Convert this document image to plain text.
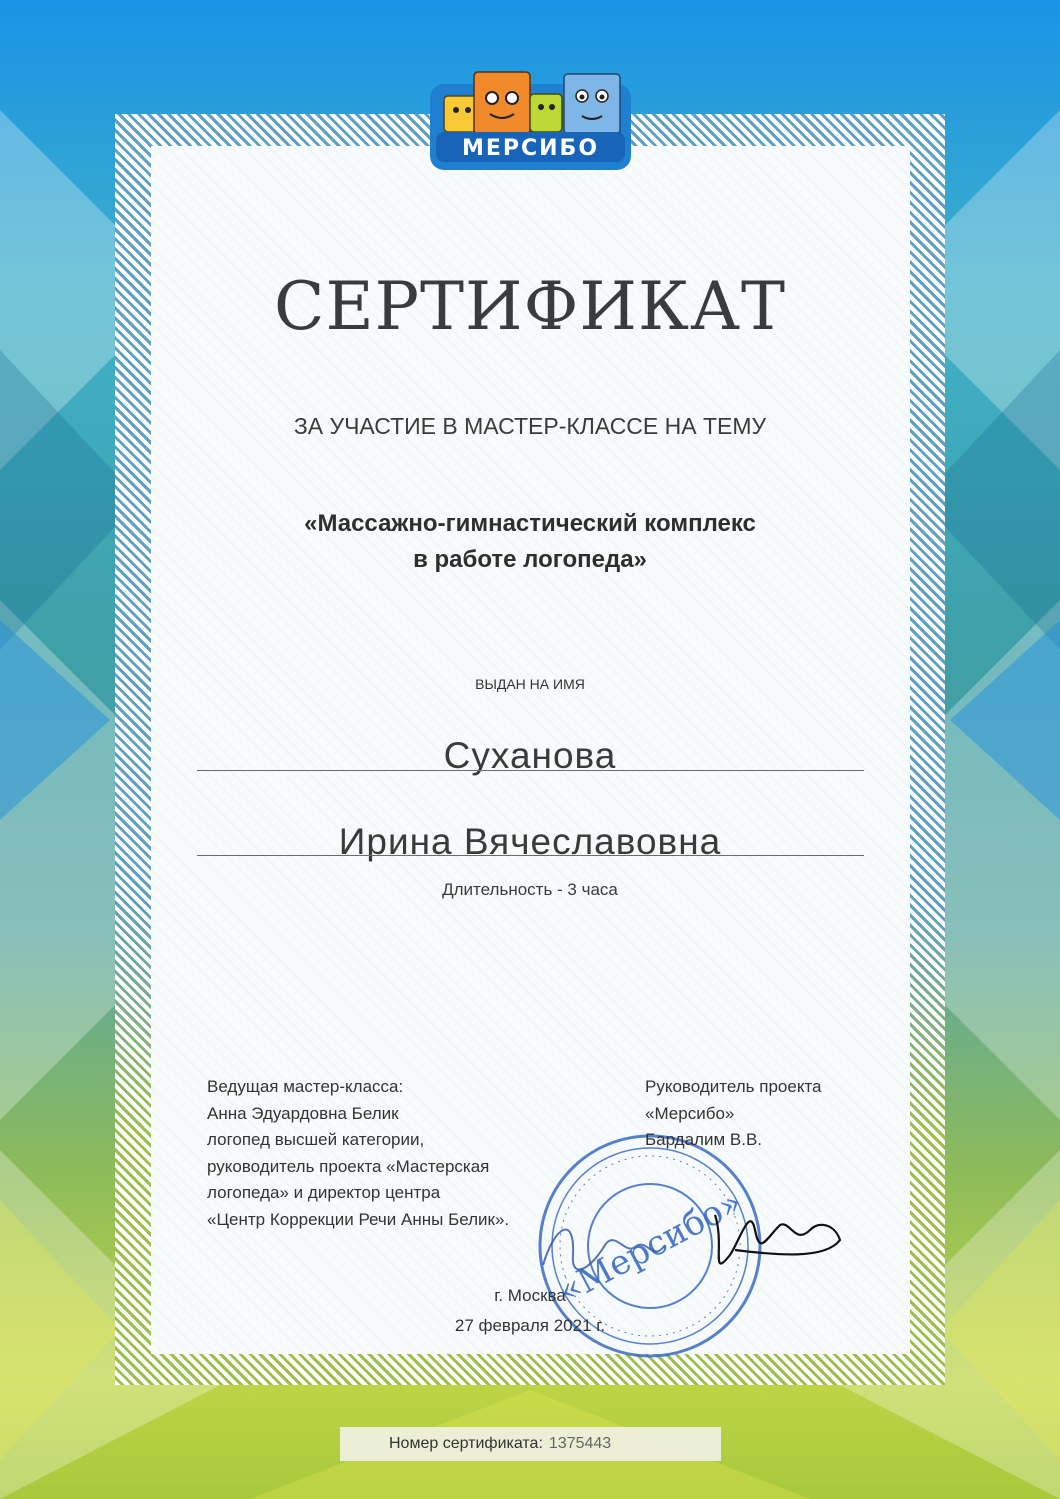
МЕРСИБО
СЕРТИФИКАТ
ЗА УЧАСТИЕ В МАСТЕР-КЛАССЕ НА ТЕМУ
«Массажно-гимнастический комплекс
в работе логопеда»
ВЫДАН НА ИМЯ
Суханова
Ирина Вячеславовна
Длительность - 3 часа
«Мерсибо»
Ведущая мастер-класса:
Анна Эдуардовна Белик
логопед высшей категории,
руководитель проекта «Мастерская
логопеда» и директор центра
«Центр Коррекции Речи Анны Белик».
Руководитель проекта
«Мерсибо»
Бардалим В.В.
г. Москва
27 февраля 2021 г.
Номер сертификата: 1375443
